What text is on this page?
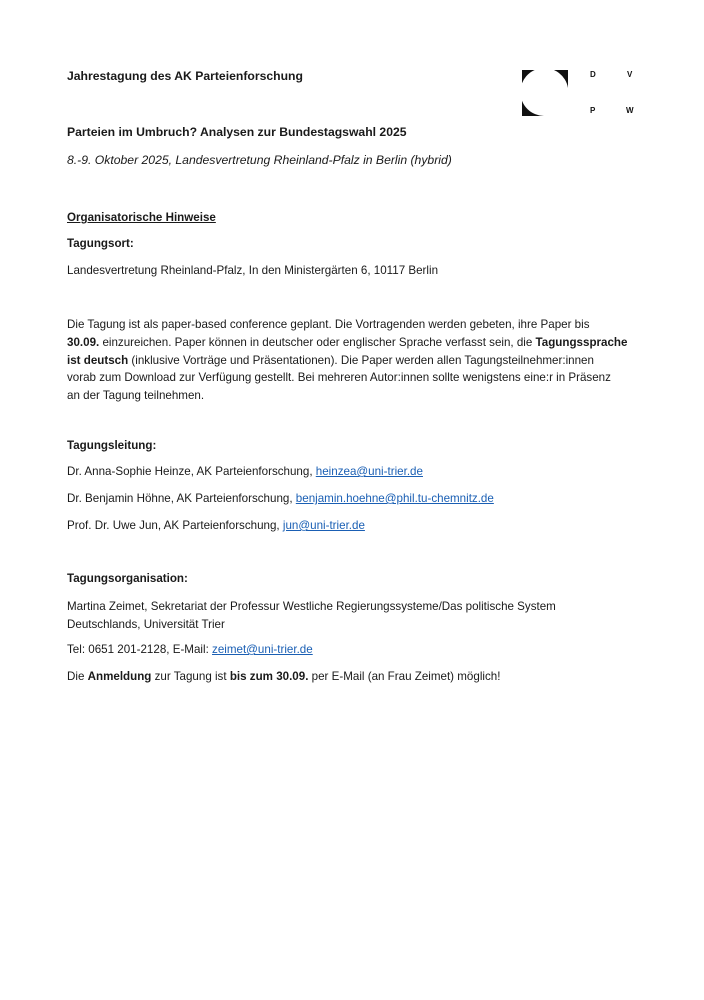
Jahrestagung des AK Parteienforschung	D	V
P	W
Parteien im Umbruch? Analysen zur Bundestagswahl 2025
8.-9. Oktober 2025, Landesvertretung Rheinland-Pfalz in Berlin (hybrid)
Organisatorische Hinweise
Tagungsort:
Landesvertretung Rheinland-Pfalz, In den Ministergärten 6, 10117 Berlin

Die Tagung ist als paper-based conference geplant. Die Vortragenden werden gebeten, ihre Paper bis

30.09. einzureichen. Paper können in deutscher oder englischer Sprache verfasst sein, die Tagungssprache

ist deutsch (inklusive Vorträge und Präsentationen). Die Paper werden allen Tagungsteilnehmer:innen

vorab zum Download zur Verfügung gestellt. Bei mehreren Autor:innen sollte wenigstens eine:r in Präsenz

an der Tagung teilnehmen.

Tagungsleitung:
Dr. Anna-Sophie Heinze, AK Parteienforschung, heinzea@uni-trier.de
Dr. Benjamin Höhne, AK Parteienforschung, benjamin.hoehne@phil.tu-chemnitz.de
Prof. Dr. Uwe Jun, AK Parteienforschung, jun@uni-trier.de
Tagungsorganisation:

Martina Zeimet, Sekretariat der Professur Westliche Regierungssysteme/Das politische System

Deutschlands, Universität Trier

Tel: 0651 201-2128, E-Mail: zeimet@uni-trier.de
Die Anmeldung zur Tagung ist bis zum 30.09. per E-Mail (an Frau Zeimet) möglich!
